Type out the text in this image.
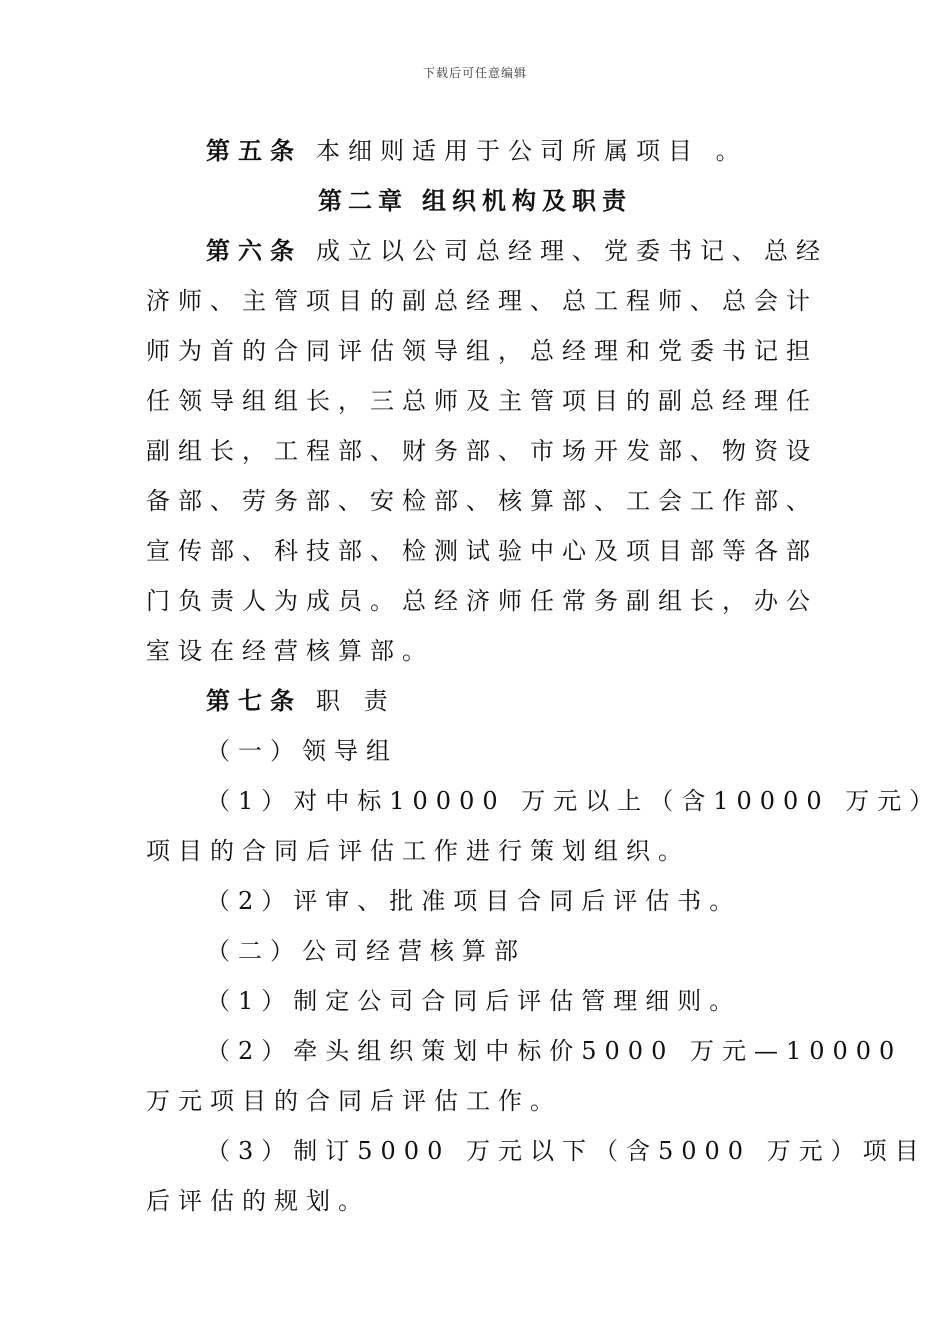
下载后可任意编辑
第五条 本细则适用于公司所属项目 。
第二章 组织机构及职责
第六条 成立以公司总经理、党委书记、总经
济师、主管项目的副总经理、总工程师、总会计
师为首的合同评估领导组，总经理和党委书记担
任领导组组长，三总师及主管项目的副总经理任
副组长，工程部、财务部、市场开发部、物资设
备部、劳务部、安检部、核算部、工会工作部、
宣传部、科技部、检测试验中心及项目部等各部
门负责人为成员。总经济师任常务副组长，办公
室设在经营核算部。
第七条 职 责
（一）领导组
（1）对中标10000 万元以上（含10000 万元）
项目的合同后评估工作进行策划组织。
（2）评审、批准项目合同后评估书。
（二）公司经营核算部
（1）制定公司合同后评估管理细则。
（2）牵头组织策划中标价5000 万元—10000
万元项目的合同后评估工作。
（3）制订5000 万元以下（含5000 万元）项目
后评估的规划。
